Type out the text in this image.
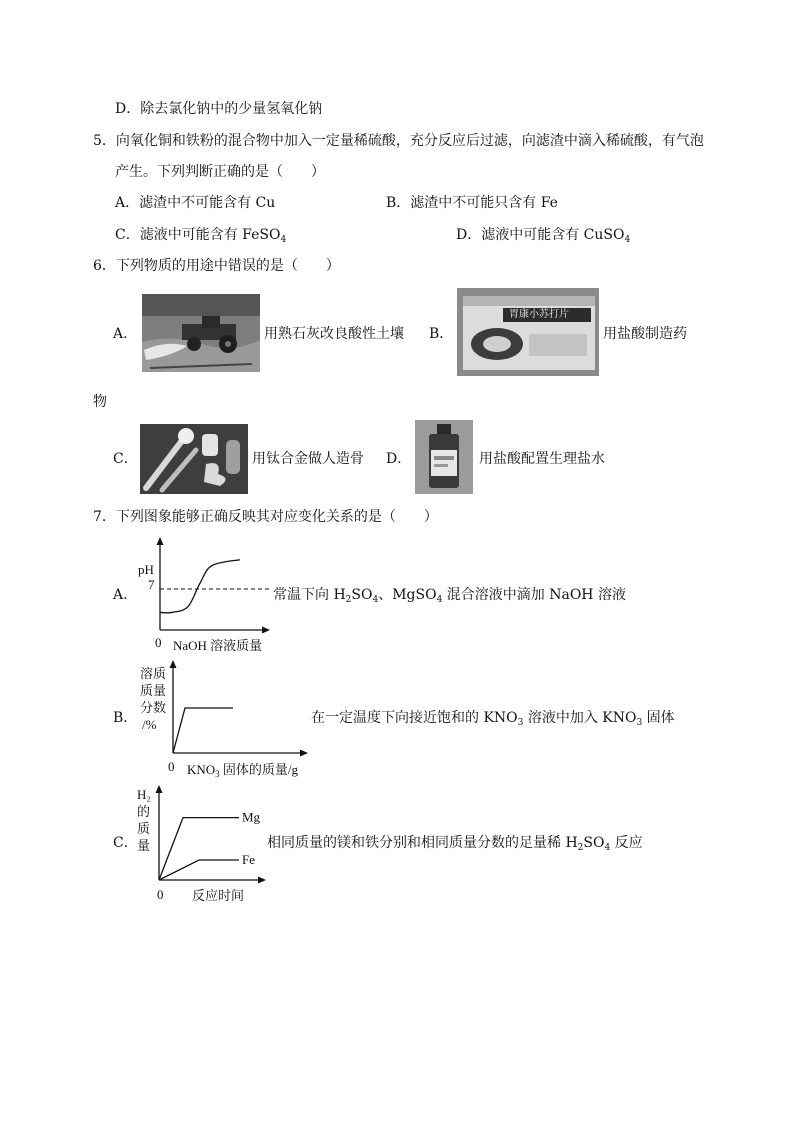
D．除去氯化钠中的少量氢氧化钠
5．向氧化铜和铁粉的混合物中加入一定量稀硫酸，充分反应后过滤，向滤渣中滴入稀硫酸，有气泡
产生。下列判断正确的是（　　）
A．滤渣中不可能含有 Cu	B．滤渣中不可能只含有 Fe
C．滤液中可能含有 FeSO$_4$	D．滤液中可能含有 CuSO$_4$
6．下列物质的用途中错误的是（　　）
A．	用熟石灰改良酸性土壤 B．
胃康小苏打片
用盐酸制造药
物
C．	用钛合金做人造骨 D．	用盐酸配置生理盐水
7．下列图象能够正确反映其对应变化关系的是（　　）
A．
pH
7
0 NaOH 溶液质量
常温下向 $H_2SO_4$、MgSO$_4$ 混合溶液中滴加 NaOH 溶液
B．
溶质
质量
分数
/%
0 $KNO_3$ 固体的质量/g
在一定温度下向接近饱和的 $KNO_3$ 溶液中加入 $KNO_3$ 固体
C．
H₂
的
质
量
0 反应时间
Mg
Fe
相同质量的镁和铁分别和相同质量分数的足量稀 $H_2SO_4$ 反应
